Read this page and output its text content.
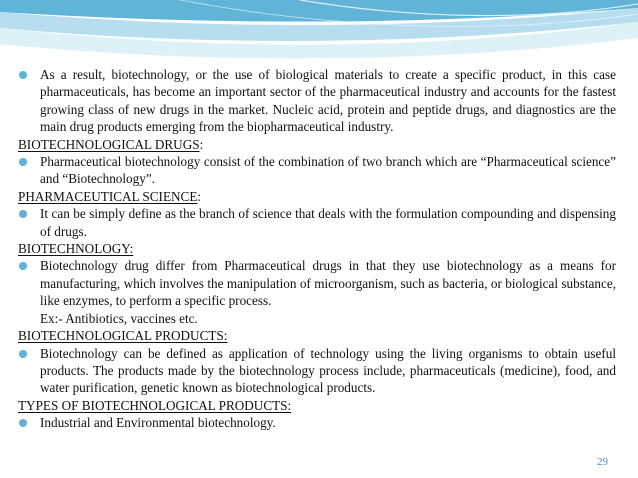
As a result, biotechnology, or the use of biological materials to create a specific product, in this case pharmaceuticals, has become an important sector of the pharmaceutical industry and accounts for the fastest growing class of new drugs in the market. Nucleic acid, protein and peptide drugs, and diagnostics are the main drug products emerging from the biopharmaceutical industry.
BIOTECHNOLOGICAL DRUGS:
Pharmaceutical biotechnology consist of the combination of two branch which are “Pharmaceutical science” and “Biotechnology”.
PHARMACEUTICAL SCIENCE:
It can be simply define as the branch of science that deals with the formulation compounding and dispensing of drugs.
BIOTECHNOLOGY:
Biotechnology drug differ from Pharmaceutical drugs in that they use biotechnology as a means for manufacturing, which involves the manipulation of microorganism, such as bacteria, or biological substance, like enzymes, to perform a specific process.
Ex:- Antibiotics, vaccines etc.
BIOTECHNOLOGICAL PRODUCTS:
Biotechnology can be defined as application of technology using the living organisms to obtain useful products. The products made by the biotechnology process include, pharmaceuticals (medicine), food, and water purification, genetic known as biotechnological products.
TYPES OF BIOTECHNOLOGICAL PRODUCTS:
Industrial and Environmental biotechnology.
29
